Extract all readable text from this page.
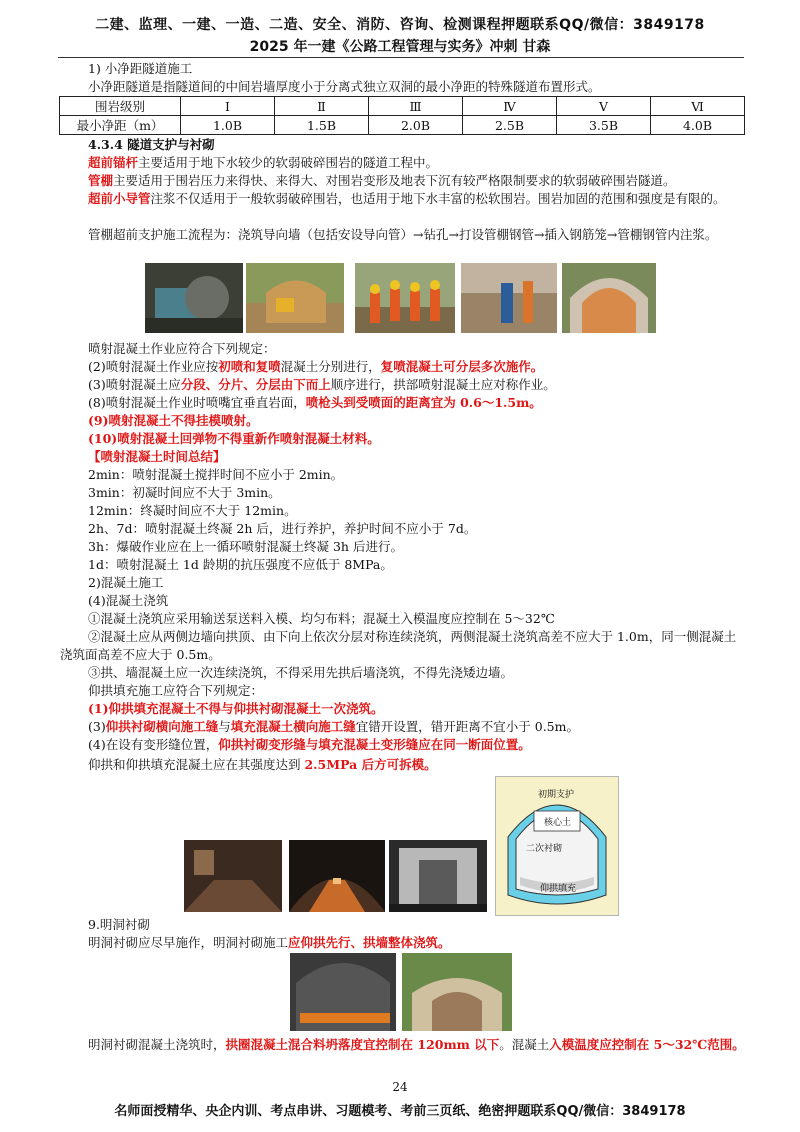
二建、监理、一建、一造、二造、安全、消防、咨询、检测课程押题联系QQ/微信：3849178
2025 年一建《公路工程管理与实务》冲刺 甘森
1) 小净距隧道施工
小净距隧道是指隧道间的中间岩墙厚度小于分离式独立双洞的最小净距的特殊隧道布置形式。
围岩级别	Ⅰ	Ⅱ	Ⅲ	Ⅳ	Ⅴ	Ⅵ
最小净距（m）	1.0B	1.5B	2.0B	2.5B	3.5B	4.0B
4.3.4 隧道支护与衬砌
超前锚杆主要适用于地下水较少的软弱破碎围岩的隧道工程中。
管棚主要适用于围岩压力来得快、来得大、对围岩变形及地表下沉有较严格限制要求的软弱破碎围岩隧道。
超前小导管注浆不仅适用于一般软弱破碎围岩，也适用于地下水丰富的松软围岩。围岩加固的范围和强度是有限的。
管棚超前支护施工流程为：浇筑导向墙（包括安设导向管）→钻孔→打设管棚钢管→插入钢筋笼→管棚钢管内注浆。
喷射混凝土作业应符合下列规定：
(2)喷射混凝土作业应按初喷和复喷混凝土分别进行，复喷混凝土可分层多次施作。
(3)喷射混凝土应分段、分片、分层由下而上顺序进行，拱部喷射混凝土应对称作业。
(8)喷射混凝土作业时喷嘴宜垂直岩面，喷枪头到受喷面的距离宜为 0.6～1.5m。
(9)喷射混凝土不得挂模喷射。
(10)喷射混凝土回弹物不得重新作喷射混凝土材料。
【喷射混凝土时间总结】
2min：喷射混凝土搅拌时间不应小于 2min。
3min：初凝时间应不大于 3min。
12min：终凝时间应不大于 12min。
2h、7d：喷射混凝土终凝 2h 后，进行养护，养护时间不应小于 7d。
3h：爆破作业应在上一循环喷射混凝土终凝 3h 后进行。
1d：喷射混凝土 1d 龄期的抗压强度不应低于 8MPa。
2)混凝土施工
(4)混凝土浇筑
①混凝土浇筑应采用输送泵送料入模、均匀布料；混凝土入模温度应控制在 5～32℃
②混凝土应从两侧边墙向拱顶、由下向上依次分层对称连续浇筑，两侧混凝土浇筑高差不应大于 1.0m，同一侧混凝土浇筑面高差不应大于 0.5m。
③拱、墙混凝土应一次连续浇筑，不得采用先拱后墙浇筑，不得先浇矮边墙。
仰拱填充施工应符合下列规定：
(1)仰拱填充混凝土不得与仰拱衬砌混凝土一次浇筑。
(3)仰拱衬砌横向施工缝与填充混凝土横向施工缝宜错开设置，错开距离不宜小于 0.5m。
(4)在设有变形缝位置，仰拱衬砌变形缝与填充混凝土变形缝应在同一断面位置。
仰拱和仰拱填充混凝土应在其强度达到 2.5MPa 后方可拆模。
初期支护
核心土
二次衬砌
仰拱填充
9.明洞衬砌
明洞衬砌应尽早施作，明洞衬砌施工应仰拱先行、拱墙整体浇筑。
明洞衬砌混凝土浇筑时，拱圈混凝土混合料坍落度宜控制在 120mm 以下。混凝土入模温度应控制在 5～32℃范围。
24
名师面授精华、央企内训、考点串讲、习题模考、考前三页纸、绝密押题联系QQ/微信：3849178
